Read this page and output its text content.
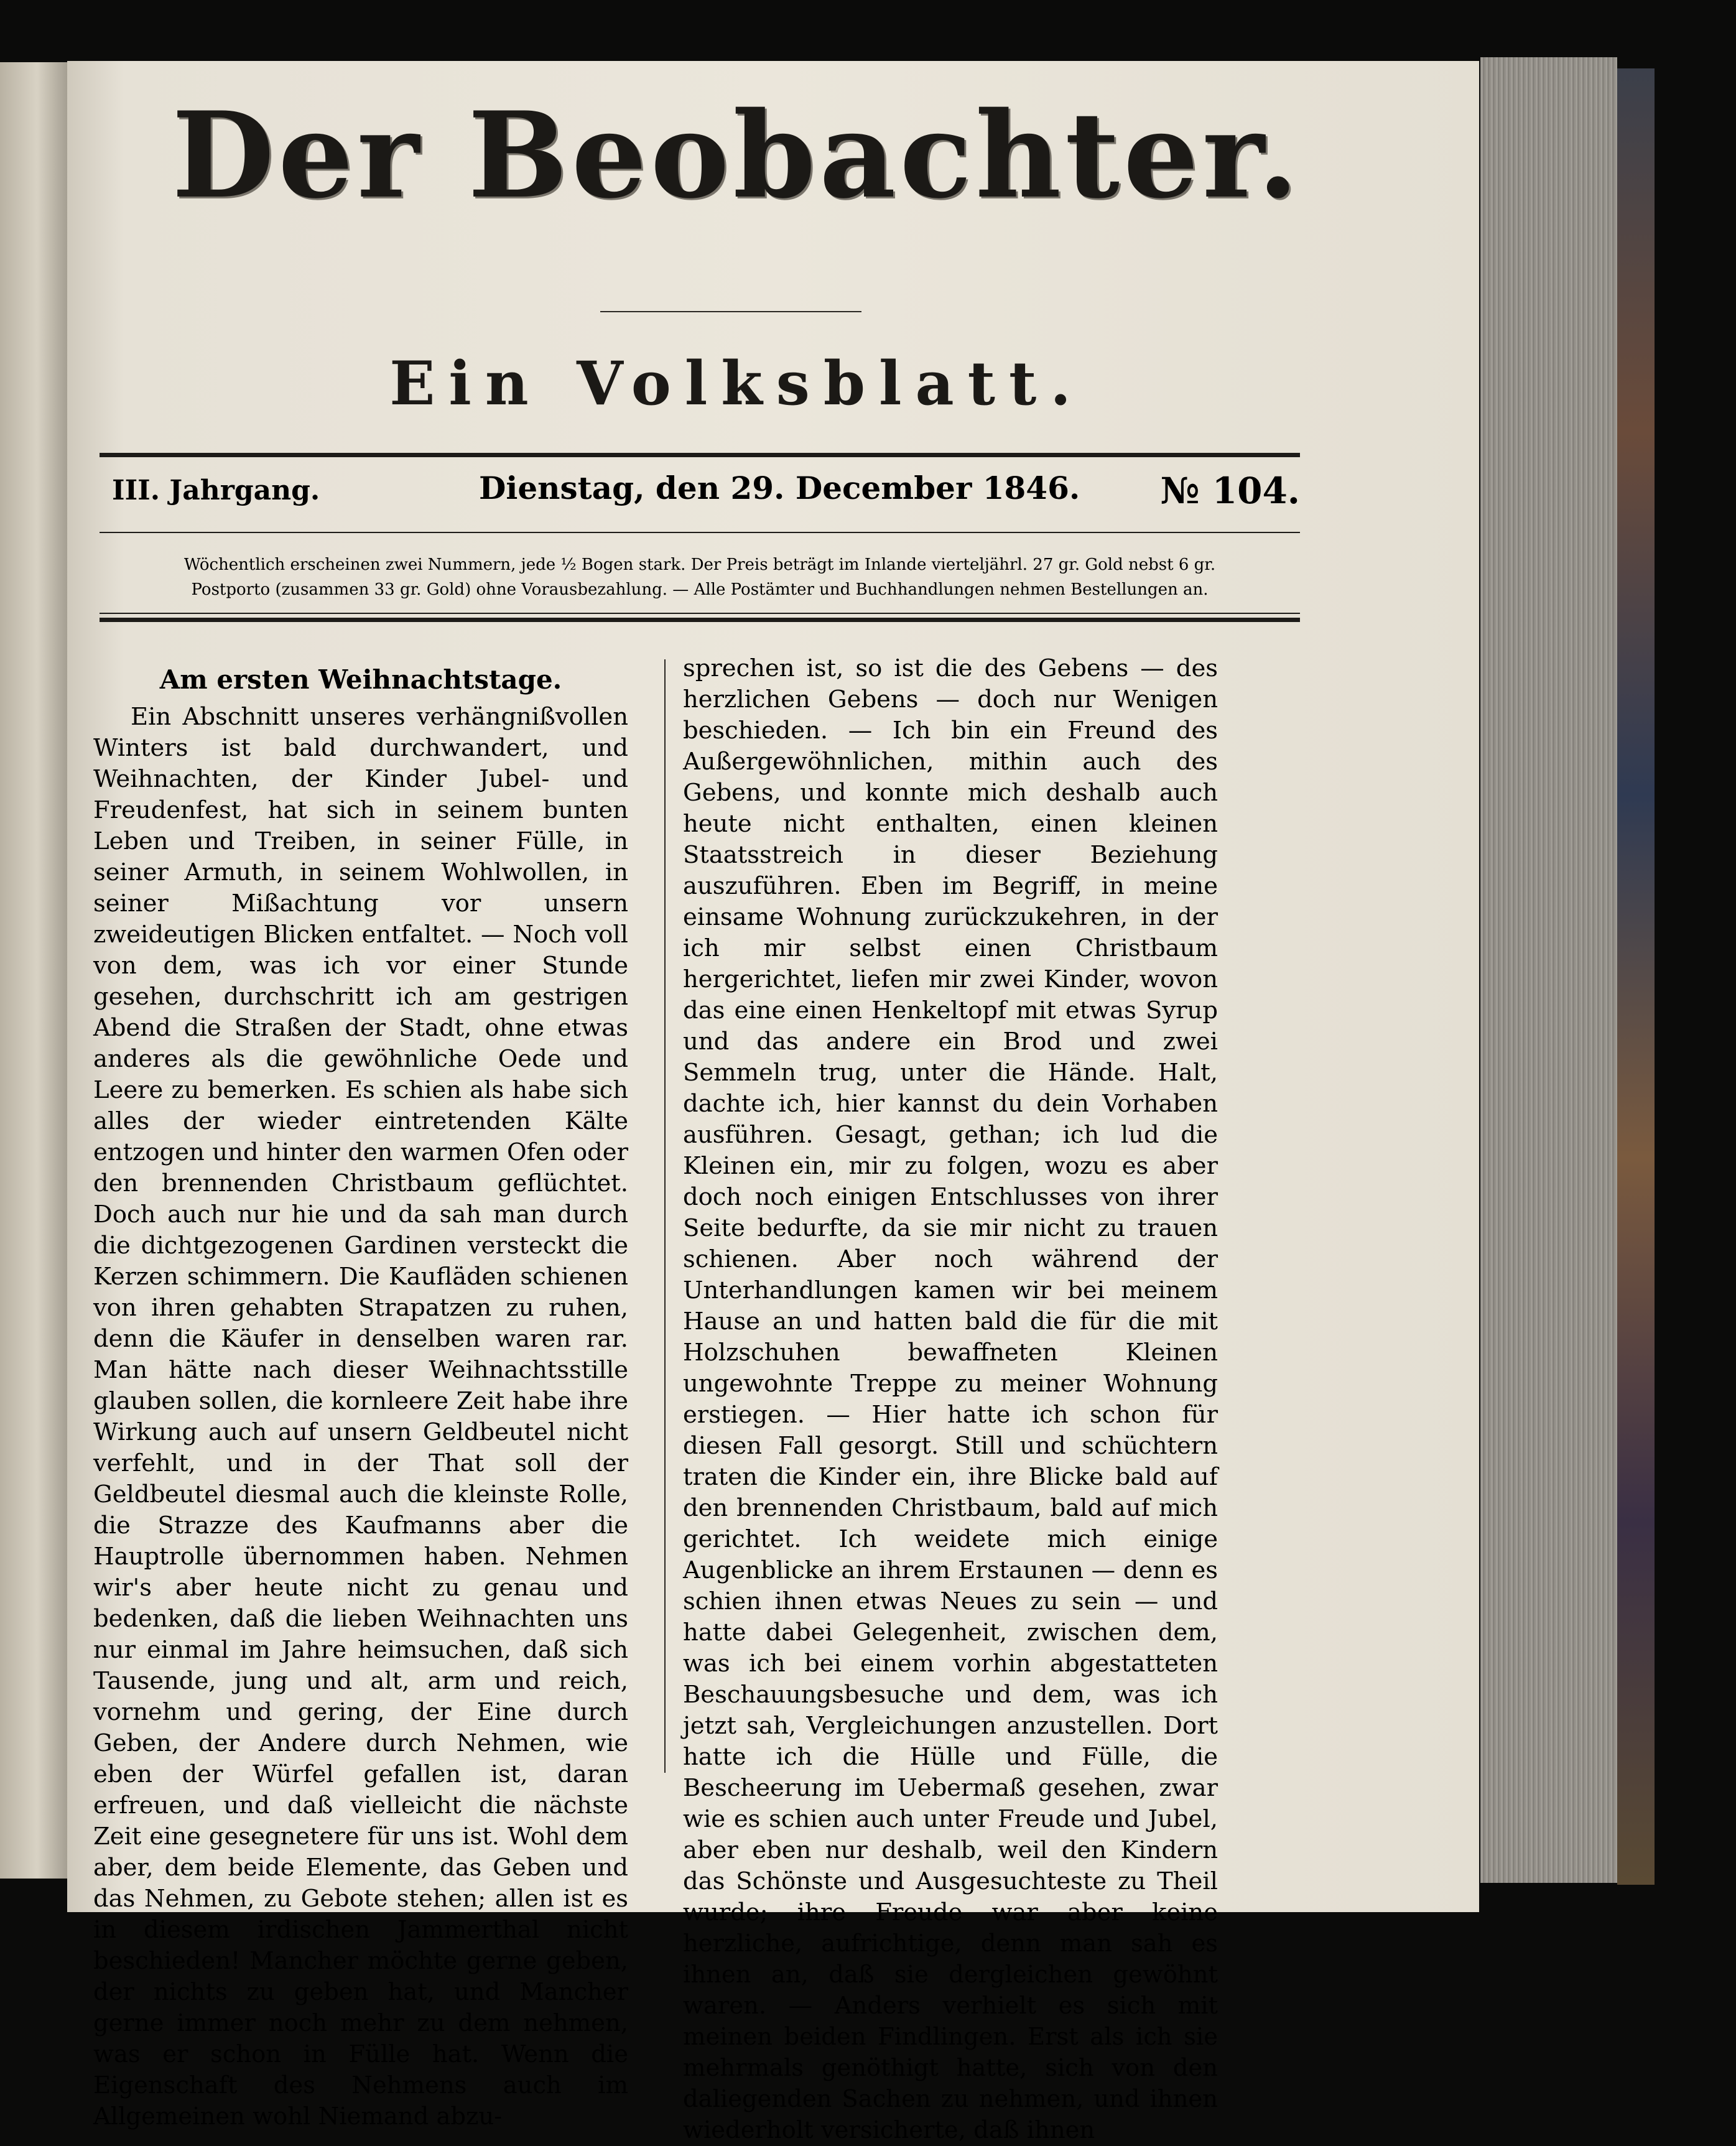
Der Beobachter.
Ein Volksblatt.
III. Jahrgang.	Dienstag, den 29. December 1846. № 104.
Wöchentlich erscheinen zwei Nummern, jede ½ Bogen stark. Der Preis beträgt im Inlande vierteljährl. 27 gr. Gold nebst 6 gr.
Postporto (zusammen 33 gr. Gold) ohne Vorausbezahlung. — Alle Postämter und Buchhandlungen nehmen Bestellungen an.
Am ersten Weihnachtstage.

Ein Abschnitt unseres verhängnißvollen Winters ist bald durchwandert, und Weihnachten, der Kinder Jubel- und Freudenfest, hat sich in seinem bunten Leben und Treiben, in seiner Fülle, in seiner Armuth, in seinem Wohlwollen, in seiner Mißachtung vor unsern zweideutigen Blicken entfaltet. — Noch voll von dem, was ich vor einer Stunde gesehen, durchschritt ich am gestrigen Abend die Straßen der Stadt, ohne etwas anderes als die gewöhnliche Oede und Leere zu bemerken. Es schien als habe sich alles der wieder eintretenden Kälte entzogen und hinter den warmen Ofen oder den brennenden Christbaum geflüchtet. Doch auch nur hie und da sah man durch die dichtgezogenen Gardinen versteckt die Kerzen schimmern. Die Kaufläden schienen von ihren gehabten Strapatzen zu ruhen, denn die Käufer in denselben waren rar. Man hätte nach dieser Weihnachtsstille glauben sollen, die kornleere Zeit habe ihre Wirkung auch auf unsern Geldbeutel nicht verfehlt, und in der That soll der Geldbeutel diesmal auch die kleinste Rolle, die Strazze des Kaufmanns aber die Hauptrolle übernommen haben. Nehmen wir's aber heute nicht zu genau und bedenken, daß die lieben Weihnachten uns nur einmal im Jahre heimsuchen, daß sich Tausende, jung und alt, arm und reich, vornehm und gering, der Eine durch Geben, der Andere durch Nehmen, wie eben der Würfel gefallen ist, daran erfreuen, und daß vielleicht die nächste Zeit eine gesegnetere für uns ist. Wohl dem aber, dem beide Elemente, das Geben und das Nehmen, zu Gebote stehen; allen ist es in diesem irdischen Jammerthal nicht beschieden! Mancher möchte gerne geben, der nichts zu geben hat, und Mancher gerne immer noch mehr zu dem nehmen, was er schon in Fülle hat. Wenn die Eigenschaft des Nehmens auch im Allgemeinen wohl Niemand abzu-

sprechen ist, so ist die des Gebens — des herzlichen Gebens — doch nur Wenigen beschieden. — Ich bin ein Freund des Außergewöhnlichen, mithin auch des Gebens, und konnte mich deshalb auch heute nicht enthalten, einen kleinen Staatsstreich in dieser Beziehung auszuführen. Eben im Begriff, in meine einsame Wohnung zurückzukehren, in der ich mir selbst einen Christbaum hergerichtet, liefen mir zwei Kinder, wovon das eine einen Henkeltopf mit etwas Syrup und das andere ein Brod und zwei Semmeln trug, unter die Hände. Halt, dachte ich, hier kannst du dein Vorhaben ausführen. Gesagt, gethan; ich lud die Kleinen ein, mir zu folgen, wozu es aber doch noch einigen Entschlusses von ihrer Seite bedurfte, da sie mir nicht zu trauen schienen. Aber noch während der Unterhandlungen kamen wir bei meinem Hause an und hatten bald die für die mit Holzschuhen bewaffneten Kleinen ungewohnte Treppe zu meiner Wohnung erstiegen. — Hier hatte ich schon für diesen Fall gesorgt. Still und schüchtern traten die Kinder ein, ihre Blicke bald auf den brennenden Christbaum, bald auf mich gerichtet. Ich weidete mich einige Augenblicke an ihrem Erstaunen — denn es schien ihnen etwas Neues zu sein — und hatte dabei Gelegenheit, zwischen dem, was ich bei einem vorhin abgestatteten Beschauungsbesuche und dem, was ich jetzt sah, Vergleichungen anzustellen. Dort hatte ich die Hülle und Fülle, die Bescheerung im Uebermaß gesehen, zwar wie es schien auch unter Freude und Jubel, aber eben nur deshalb, weil den Kindern das Schönste und Ausgesuchteste zu Theil wurde; ihre Freude war aber keine herzliche, aufrichtige, denn man sah es ihnen an, daß sie dergleichen gewöhnt waren. — Anders verhielt es sich mit meinen beiden Findlingen. Erst als ich sie mehrmals genöthigt hatte, sich von den daliegenden Sachen zu nehmen, und ihnen wiederholt versicherte, daß ihnen
